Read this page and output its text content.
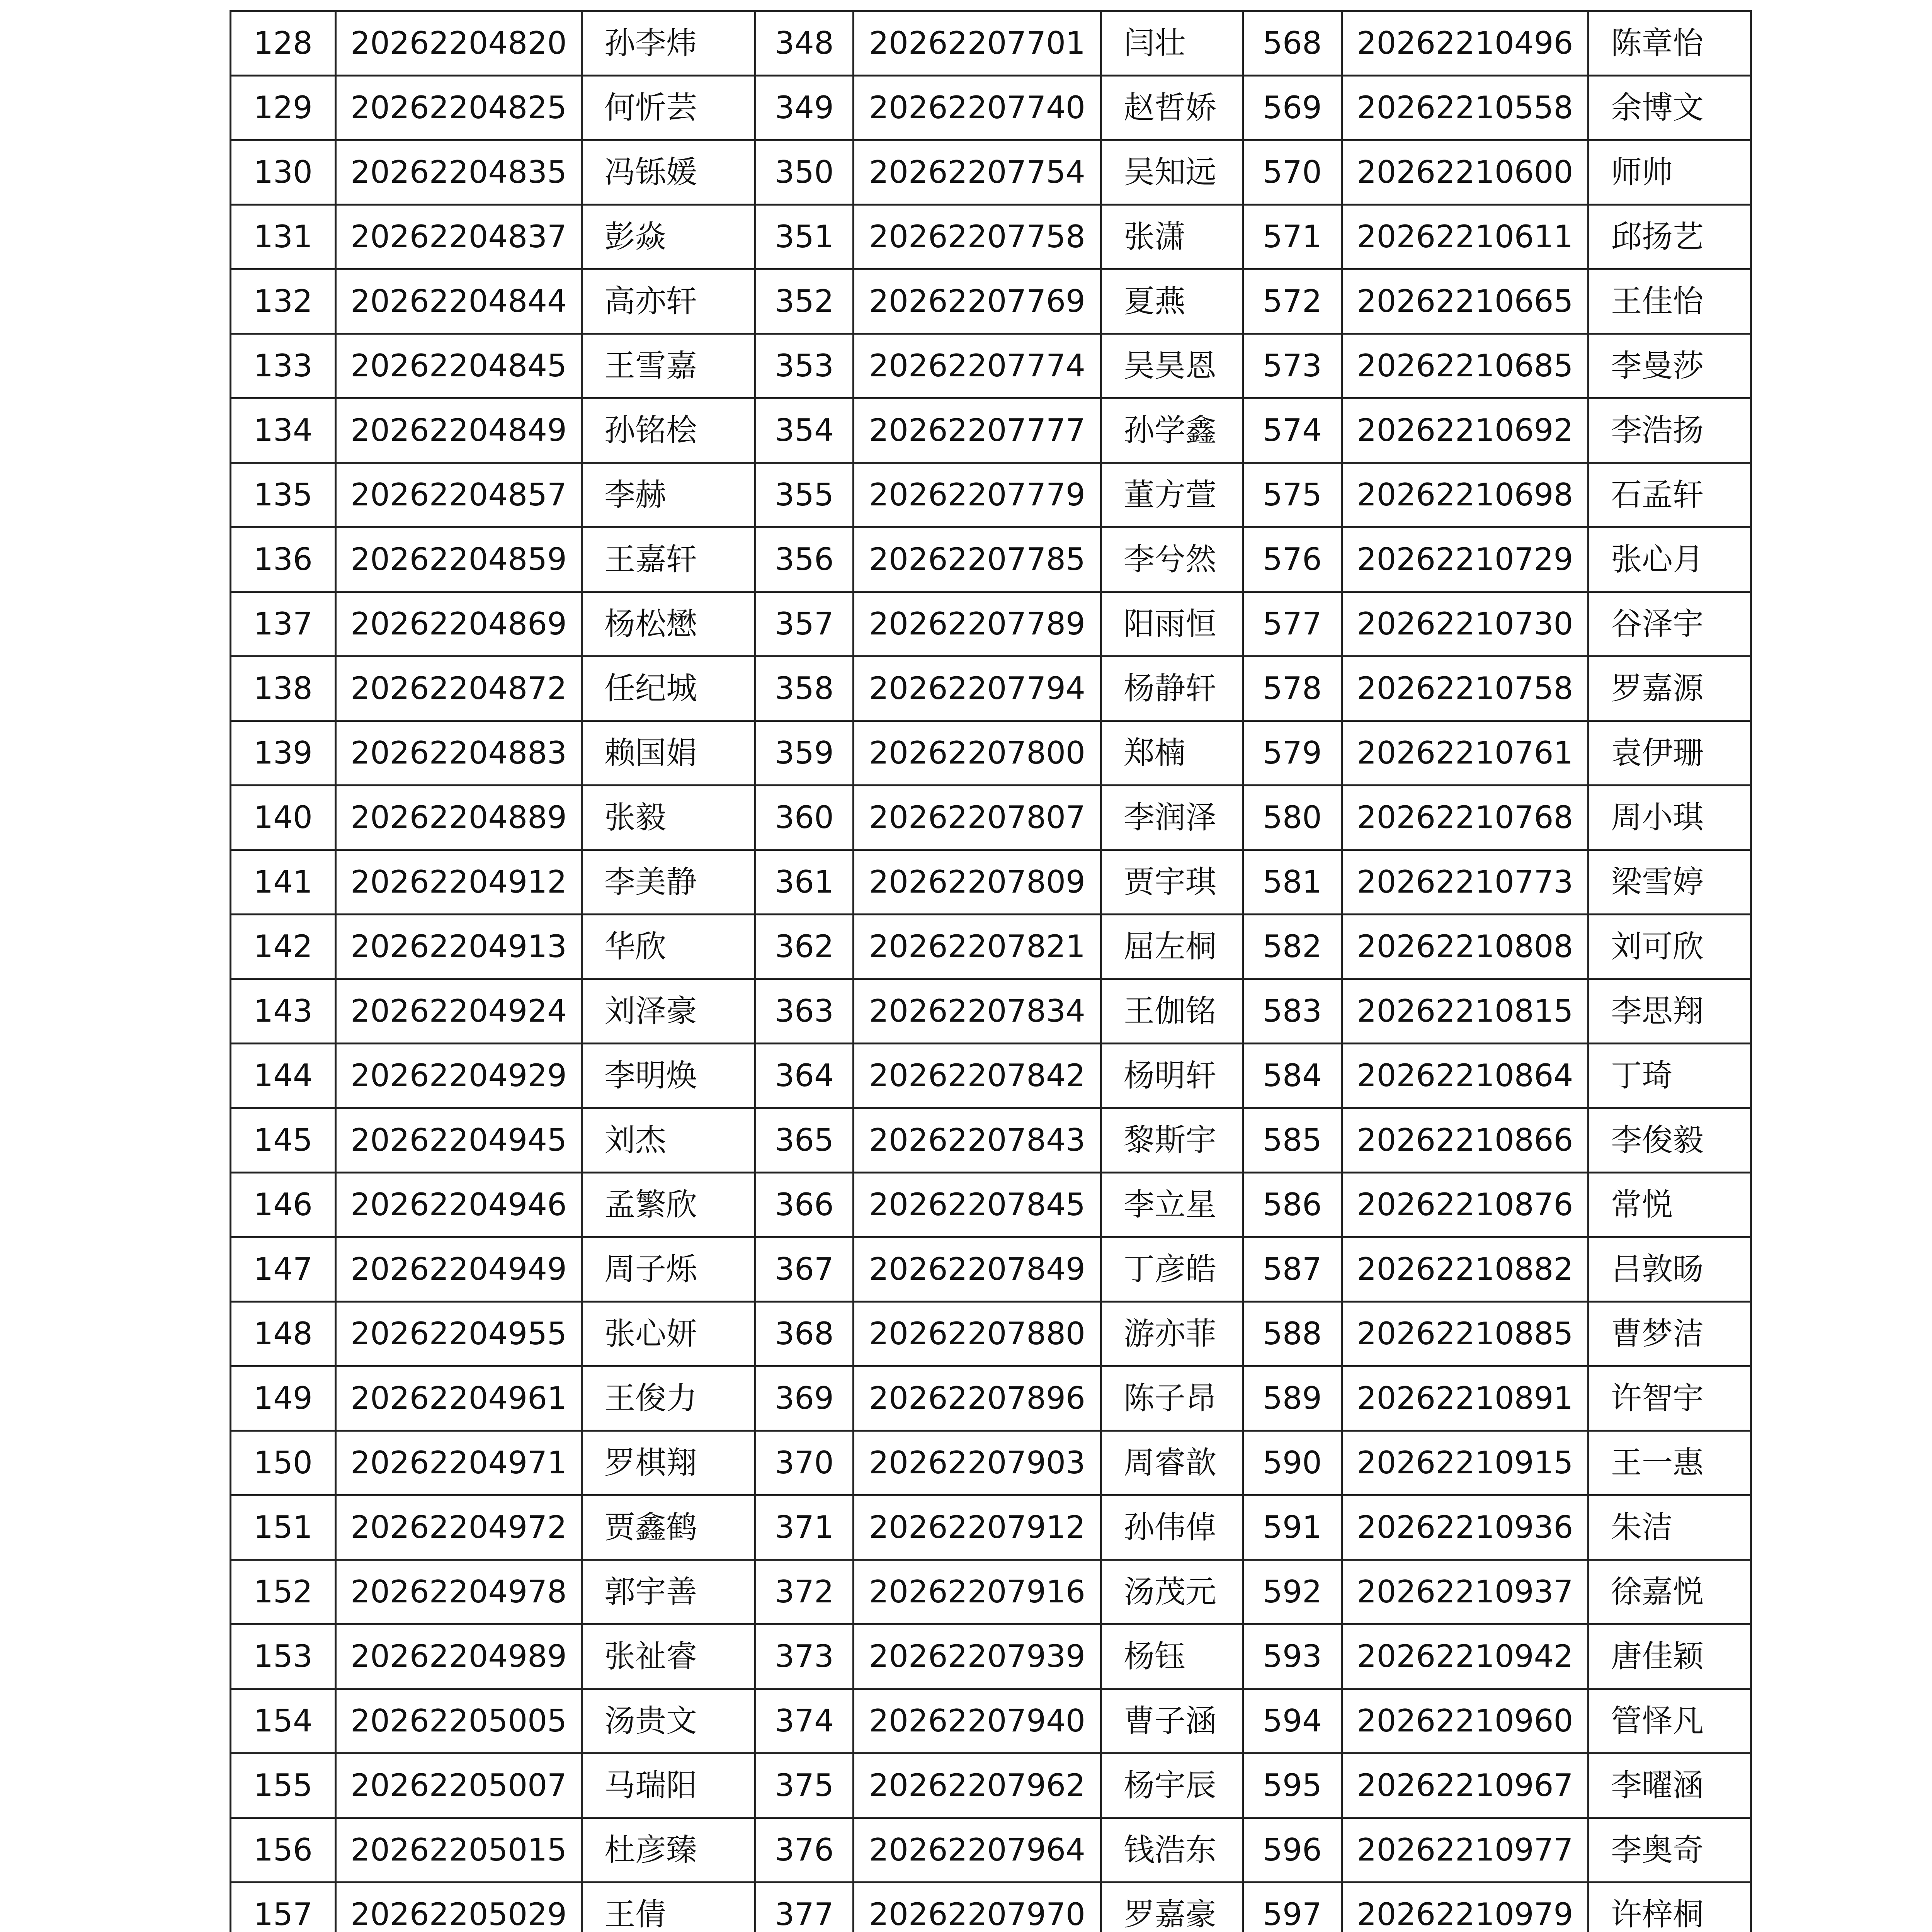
128	20262204820	孙李炜	348	20262207701	闫壮	568	20262210496	陈章怡
129	20262204825	何忻芸	349	20262207740	赵哲娇	569	20262210558	余博文
130	20262204835	冯铄媛	350	20262207754	吴知远	570	20262210600	师帅
131	20262204837	彭焱	351	20262207758	张潇	571	20262210611	邱扬艺
132	20262204844	高亦轩	352	20262207769	夏燕	572	20262210665	王佳怡
133	20262204845	王雪嘉	353	20262207774	吴昊恩	573	20262210685	李曼莎
134	20262204849	孙铭桧	354	20262207777	孙学鑫	574	20262210692	李浩扬
135	20262204857	李赫	355	20262207779	董方萱	575	20262210698	石孟轩
136	20262204859	王嘉轩	356	20262207785	李兮然	576	20262210729	张心月
137	20262204869	杨松懋	357	20262207789	阳雨恒	577	20262210730	谷泽宇
138	20262204872	任纪城	358	20262207794	杨静轩	578	20262210758	罗嘉源
139	20262204883	赖国娟	359	20262207800	郑楠	579	20262210761	袁伊珊
140	20262204889	张毅	360	20262207807	李润泽	580	20262210768	周小琪
141	20262204912	李美静	361	20262207809	贾宇琪	581	20262210773	梁雪婷
142	20262204913	华欣	362	20262207821	屈左桐	582	20262210808	刘可欣
143	20262204924	刘泽豪	363	20262207834	王伽铭	583	20262210815	李思翔
144	20262204929	李明焕	364	20262207842	杨明轩	584	20262210864	丁琦
145	20262204945	刘杰	365	20262207843	黎斯宇	585	20262210866	李俊毅
146	20262204946	孟繁欣	366	20262207845	李立星	586	20262210876	常悦
147	20262204949	周子烁	367	20262207849	丁彦皓	587	20262210882	吕敦旸
148	20262204955	张心妍	368	20262207880	游亦菲	588	20262210885	曹梦洁
149	20262204961	王俊力	369	20262207896	陈子昂	589	20262210891	许智宇
150	20262204971	罗棋翔	370	20262207903	周睿歆	590	20262210915	王一惠
151	20262204972	贾鑫鹤	371	20262207912	孙伟倬	591	20262210936	朱洁
152	20262204978	郭宇善	372	20262207916	汤茂元	592	20262210937	徐嘉悦
153	20262204989	张祉睿	373	20262207939	杨钰	593	20262210942	唐佳颖
154	20262205005	汤贵文	374	20262207940	曹子涵	594	20262210960	管怿凡
155	20262205007	马瑞阳	375	20262207962	杨宇辰	595	20262210967	李曜涵
156	20262205015	杜彦臻	376	20262207964	钱浩东	596	20262210977	李奥奇
157	20262205029	王倩	377	20262207970	罗嘉豪	597	20262210979	许梓桐
